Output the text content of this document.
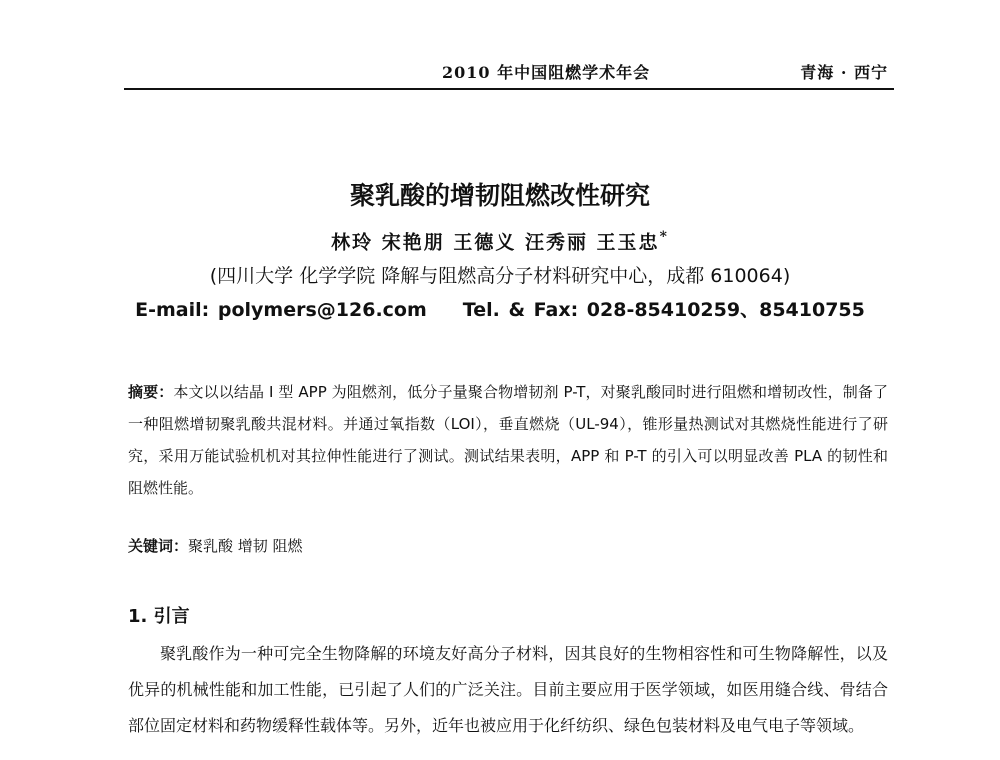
2010 年中国阻燃学术年会	青海 · 西宁
聚乳酸的增韧阻燃改性研究
林玲 宋艳朋 王德义 汪秀丽 王玉忠*
(四川大学 化学学院 降解与阻燃高分子材料研究中心，成都 610064)
E-mail: polymers@126.com Tel. & Fax: 028-85410259、85410755
摘要：本文以以结晶 I 型 APP 为阻燃剂，低分子量聚合物增韧剂 P-T，对聚乳酸同时进行阻燃和增韧改性，制备了一种阻燃增韧聚乳酸共混材料。并通过氧指数（LOI），垂直燃烧（UL-94），锥形量热测试对其燃烧性能进行了研究，采用万能试验机机对其拉伸性能进行了测试。测试结果表明，APP 和 P-T 的引入可以明显改善 PLA 的韧性和阻燃性能。
关键词：聚乳酸 增韧 阻燃
1. 引言
聚乳酸作为一种可完全生物降解的环境友好高分子材料，因其良好的生物相容性和可生物降解性，以及优异的机械性能和加工性能，已引起了人们的广泛关注。目前主要应用于医学领域，如医用缝合线、骨结合部位固定材料和药物缓释性载体等。另外，近年也被应用于化纤纺织、绿色包装材料及电气电子等领域。
